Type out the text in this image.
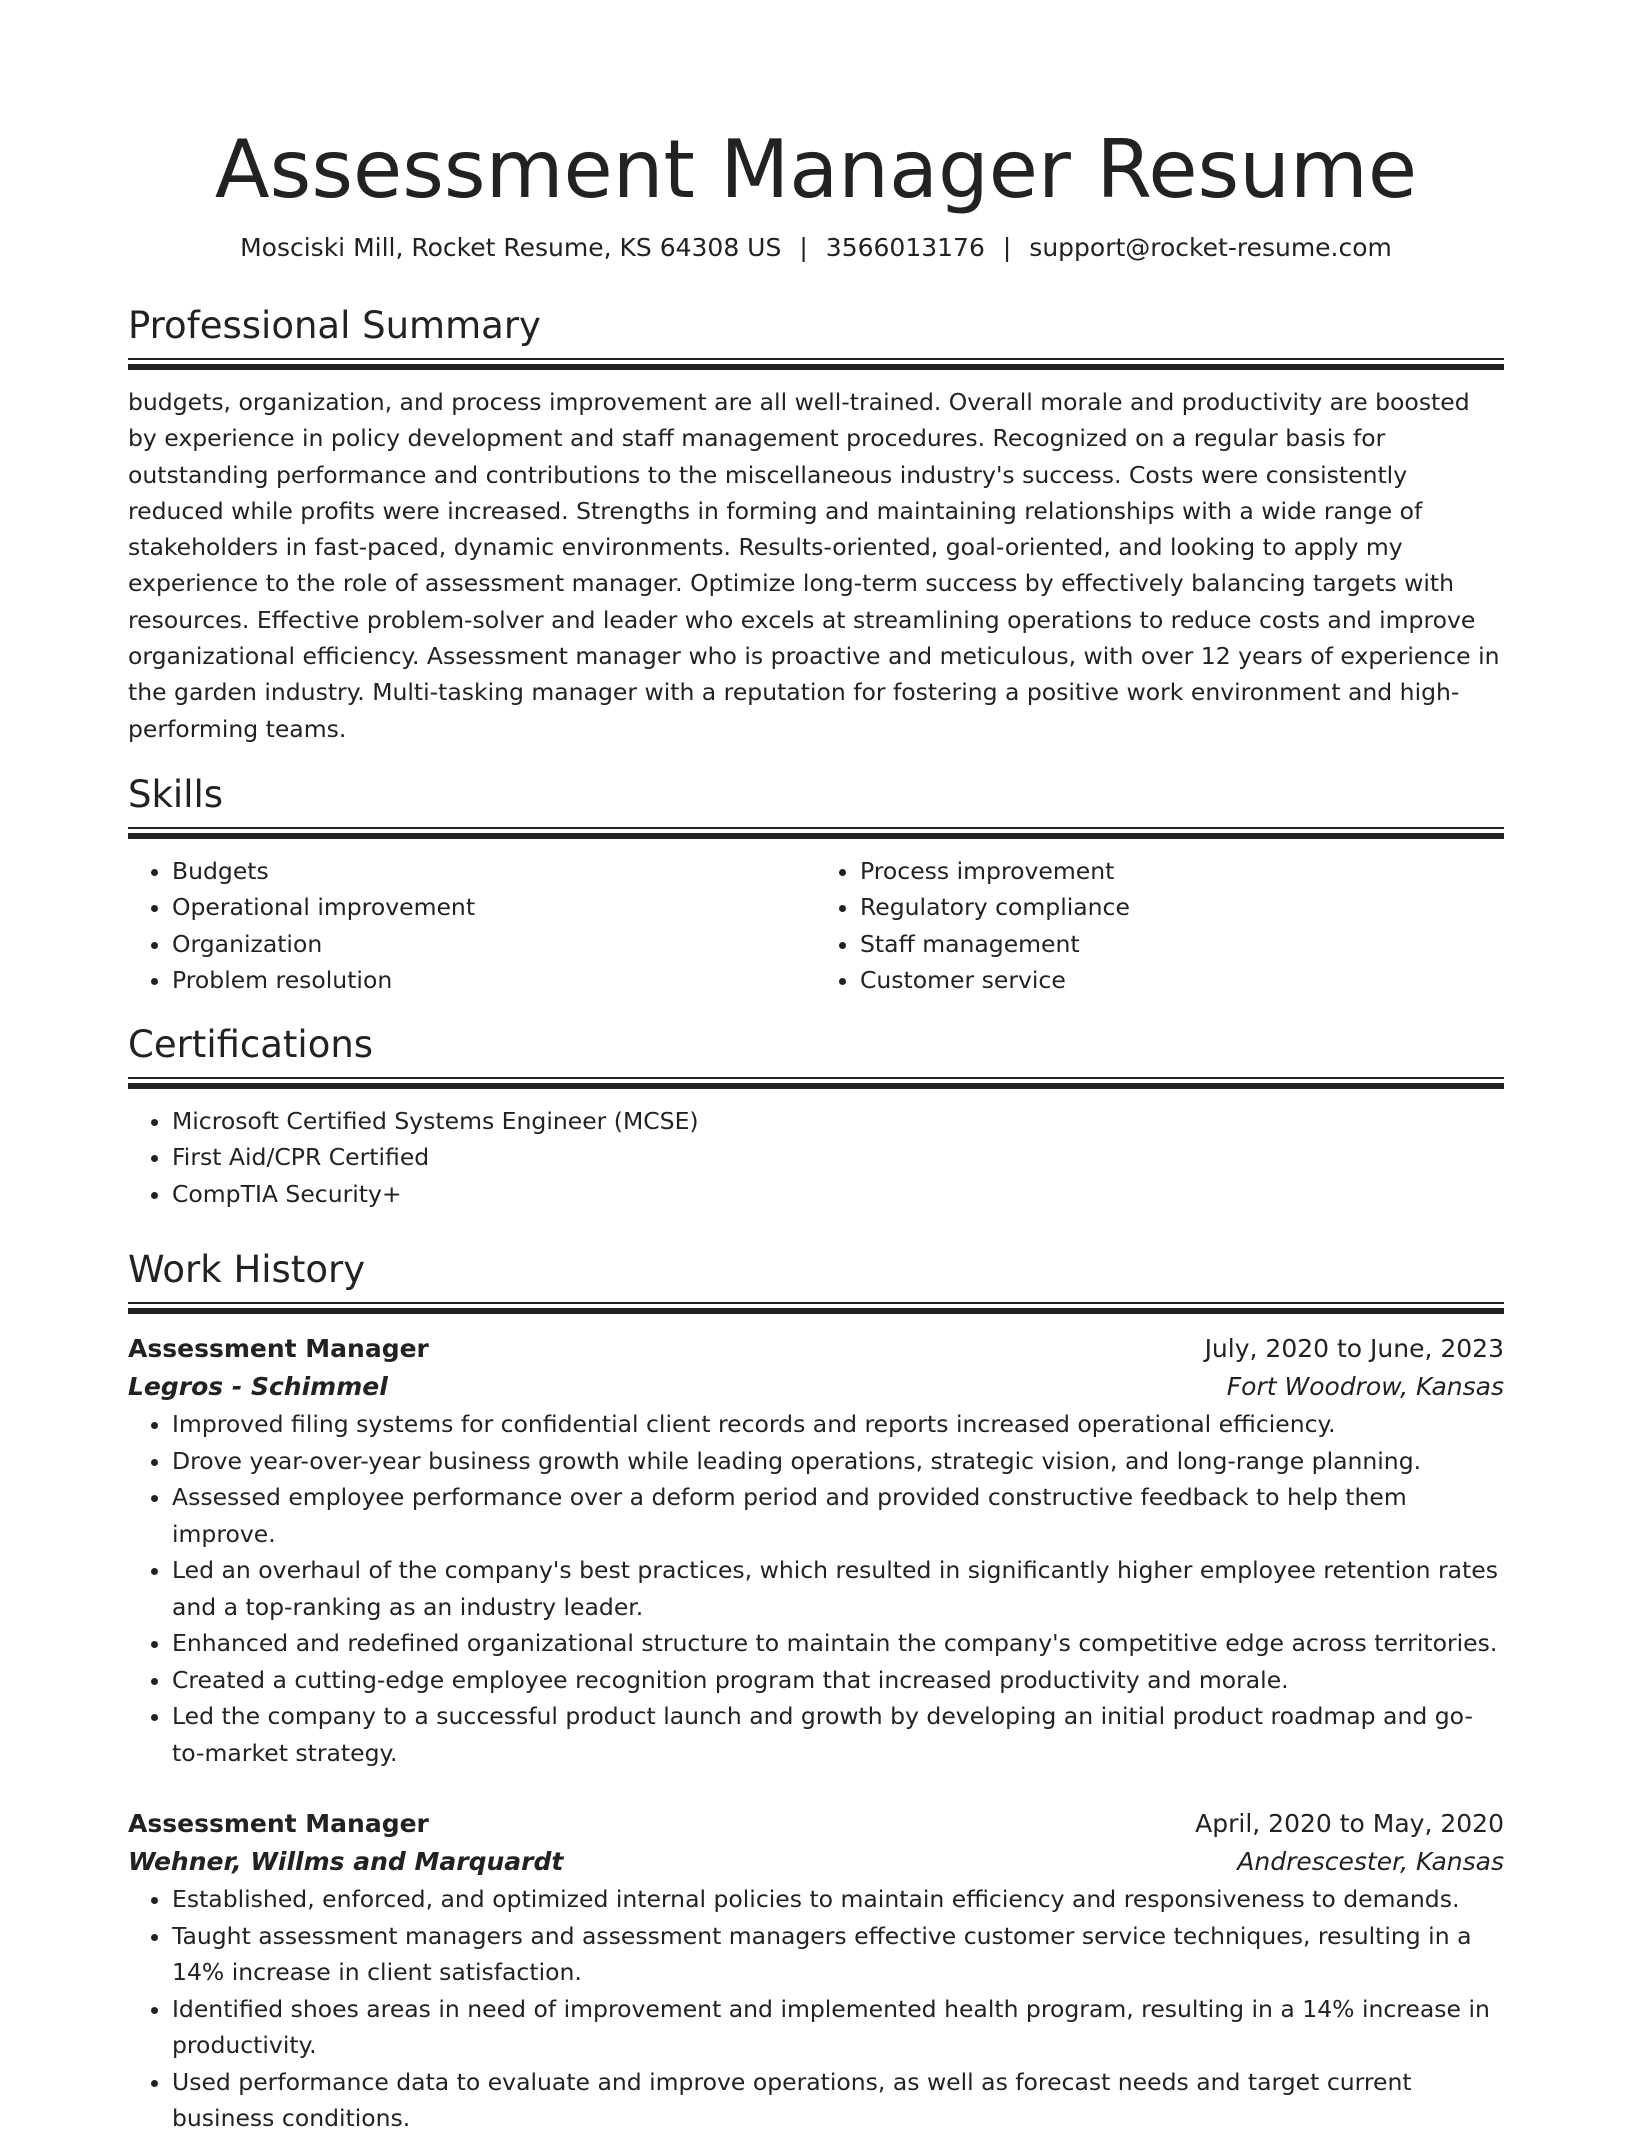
Assessment Manager Resume
Mosciski Mill, Rocket Resume, KS 64308 US | 3566013176 | support@rocket-resume.com
Professional Summary
budgets, organization, and process improvement are all well-trained. Overall morale and productivity are boosted by experience in policy development and staff management procedures. Recognized on a regular basis for outstanding performance and contributions to the miscellaneous industry's success. Costs were consistently reduced while profits were increased. Strengths in forming and maintaining relationships with a wide range of stakeholders in fast-paced, dynamic environments. Results-oriented, goal-oriented, and looking to apply my experience to the role of assessment manager. Optimize long-term success by effectively balancing targets with resources. Effective problem-solver and leader who excels at streamlining operations to reduce costs and improve organizational efficiency. Assessment manager who is proactive and meticulous, with over 12 years of experience in the garden industry. Multi-tasking manager with a reputation for fostering a positive work environment and high-performing teams.
Skills
• Budgets
• Operational improvement
• Organization
• Problem resolution
• Process improvement
• Regulatory compliance
• Staff management
• Customer service
Certifications
• Microsoft Certified Systems Engineer (MCSE)
• First Aid/CPR Certified
• CompTIA Security+
Work History
Assessment Manager	July, 2020 to June, 2023
Legros - Schimmel	Fort Woodrow, Kansas
• Improved filing systems for confidential client records and reports increased operational efficiency.
• Drove year-over-year business growth while leading operations, strategic vision, and long-range planning.
• Assessed employee performance over a deform period and provided constructive feedback to help them improve.
• Led an overhaul of the company's best practices, which resulted in significantly higher employee retention rates and a top-ranking as an industry leader.
• Enhanced and redefined organizational structure to maintain the company's competitive edge across territories.
• Created a cutting-edge employee recognition program that increased productivity and morale.
• Led the company to a successful product launch and growth by developing an initial product roadmap and go-to-market strategy.
Assessment Manager	April, 2020 to May, 2020
Wehner, Willms and Marquardt	Andrescester, Kansas
• Established, enforced, and optimized internal policies to maintain efficiency and responsiveness to demands.
• Taught assessment managers and assessment managers effective customer service techniques, resulting in a 14% increase in client satisfaction.
• Identified shoes areas in need of improvement and implemented health program, resulting in a 14% increase in productivity.
• Used performance data to evaluate and improve operations, as well as forecast needs and target current business conditions.
